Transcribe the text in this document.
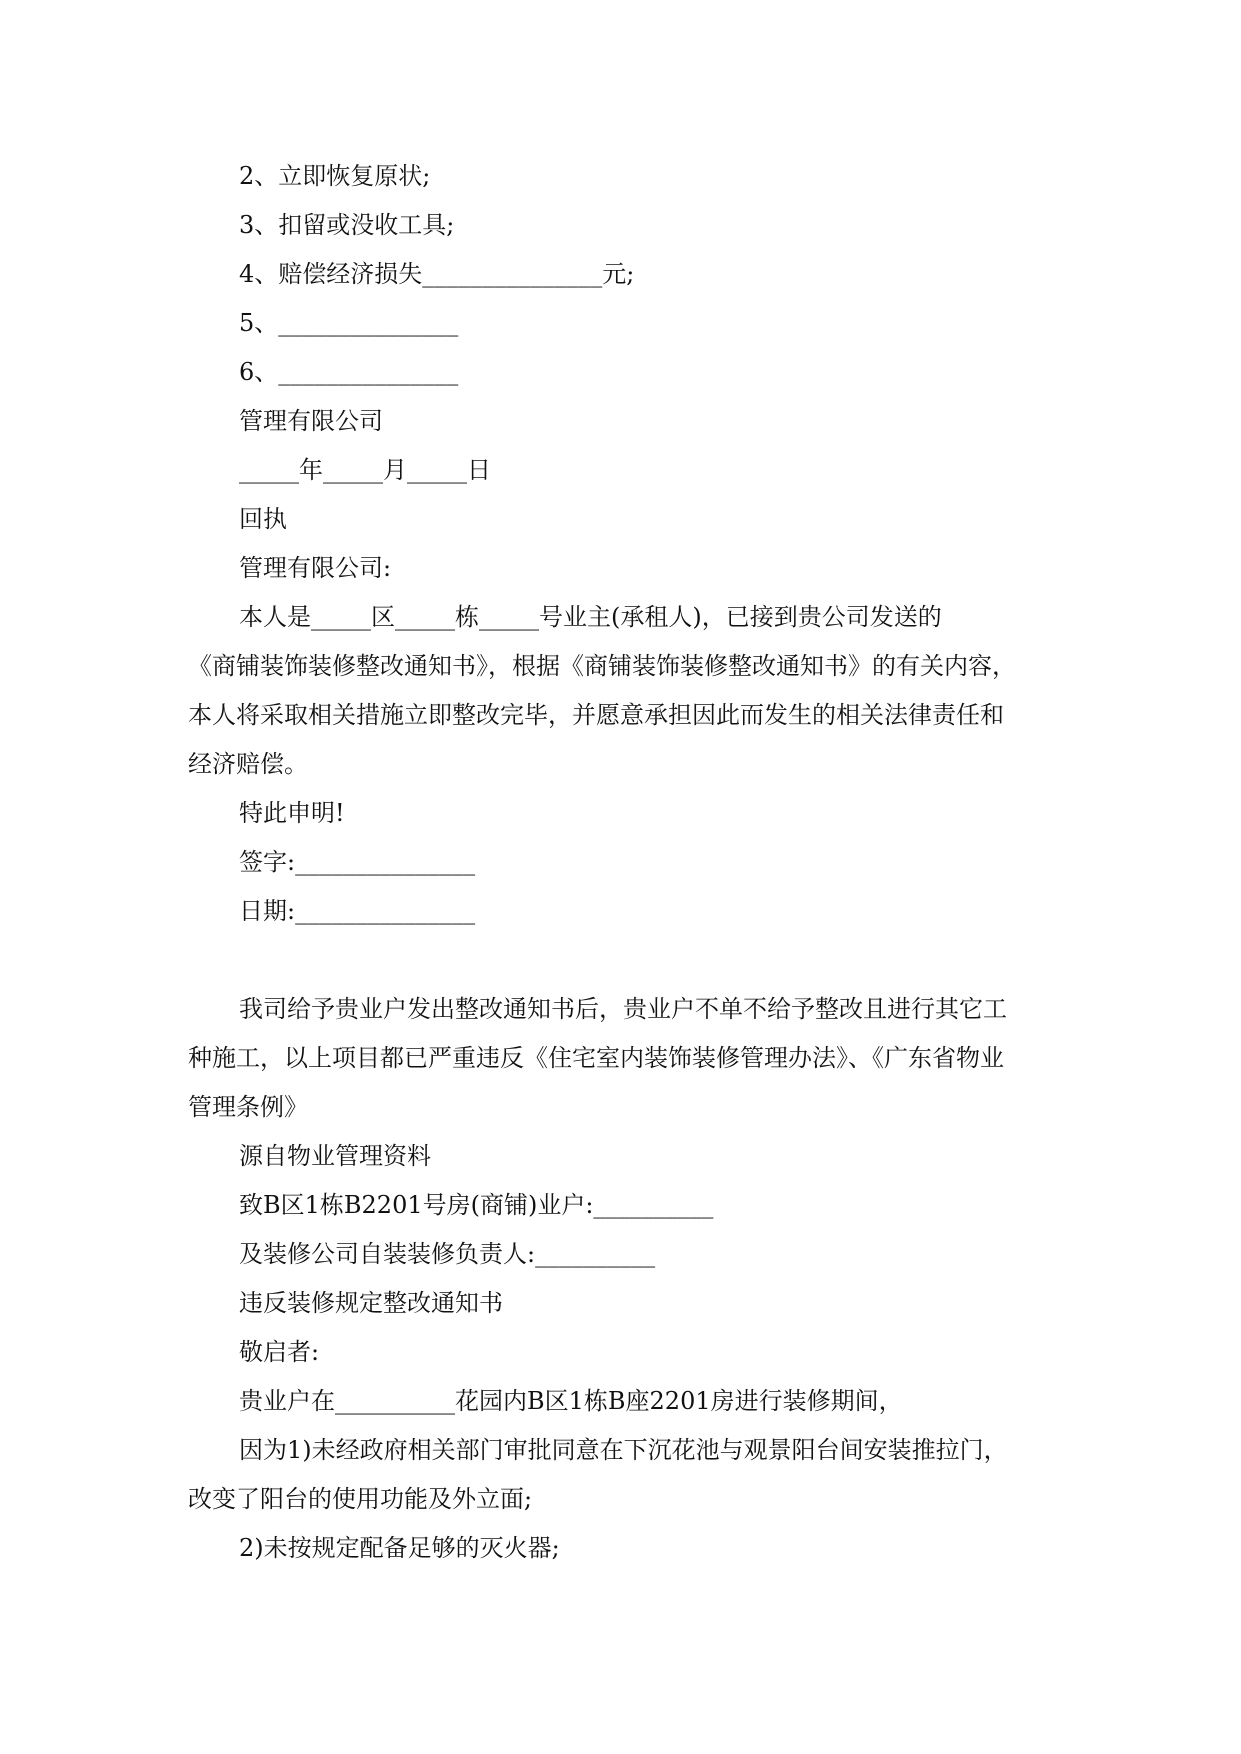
2、立即恢复原状;
3、扣留或没收工具;
4、赔偿经济损失_______________元;
5、_______________
6、_______________
管理有限公司
_____年_____月_____日
回执
管理有限公司:
本人是_____区_____栋_____号业主(承租人)，已接到贵公司发送的
《商铺装饰装修整改通知书》，根据《商铺装饰装修整改通知书》的有关内容，
本人将采取相关措施立即整改完毕，并愿意承担因此而发生的相关法律责任和
经济赔偿。
特此申明!
签字:_______________
日期:_______________
我司给予贵业户发出整改通知书后，贵业户不单不给予整改且进行其它工
种施工，以上项目都已严重违反《住宅室内装饰装修管理办法》、《广东省物业
管理条例》
源自物业管理资料
致B区1栋B2201号房(商铺)业户:__________
及装修公司自装装修负责人:__________
违反装修规定整改通知书
敬启者:
贵业户在__________花园内B区1栋B座2201房进行装修期间，
因为1)未经政府相关部门审批同意在下沉花池与观景阳台间安装推拉门，
改变了阳台的使用功能及外立面;
2)未按规定配备足够的灭火器;
